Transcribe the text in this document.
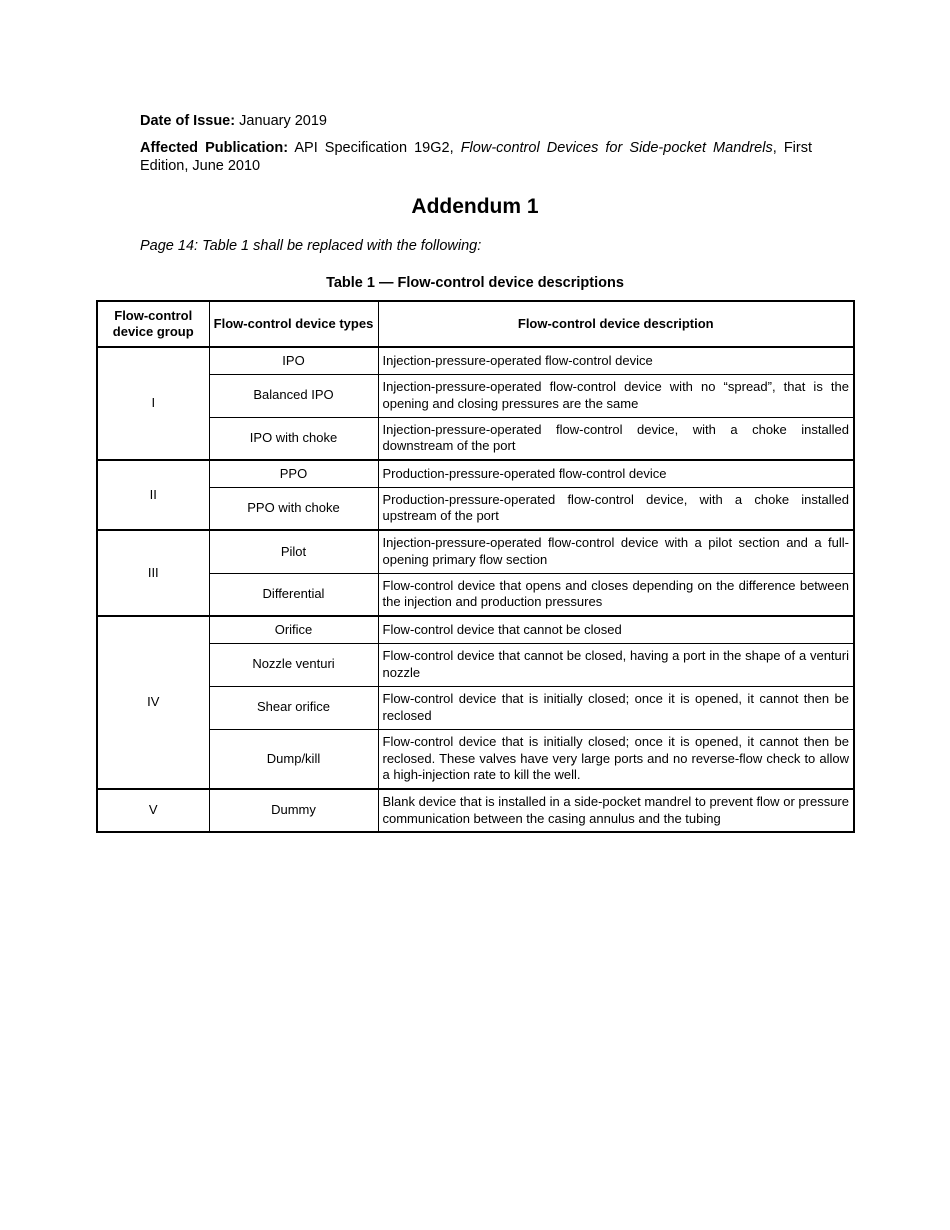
Date of Issue: January 2019
Affected Publication: API Specification 19G2, Flow-control Devices for Side-pocket Mandrels, First Edition, June 2010
Addendum 1
Page 14: Table 1 shall be replaced with the following:
Table 1 — Flow-control device descriptions
Flow-control device group	Flow-control device types	Flow-control device description
I	IPO	Injection-pressure-operated flow-control device
	Balanced IPO	Injection-pressure-operated flow-control device with no “spread”, that is the opening and closing pressures are the same
	IPO with choke	Injection-pressure-operated flow-control device, with a choke installed downstream of the port
II	PPO	Production-pressure-operated flow-control device
	PPO with choke	Production-pressure-operated flow-control device, with a choke installed upstream of the port
III	Pilot	Injection-pressure-operated flow-control device with a pilot section and a full-opening primary flow section
	Differential	Flow-control device that opens and closes depending on the difference between the injection and production pressures
IV	Orifice	Flow-control device that cannot be closed
	Nozzle venturi	Flow-control device that cannot be closed, having a port in the shape of a venturi nozzle
	Shear orifice	Flow-control device that is initially closed; once it is opened, it cannot then be reclosed
	Dump/kill	Flow-control device that is initially closed; once it is opened, it cannot then be reclosed. These valves have very large ports and no reverse-flow check to allow a high-injection rate to kill the well.
V	Dummy	Blank device that is installed in a side-pocket mandrel to prevent flow or pressure communication between the casing annulus and the tubing
